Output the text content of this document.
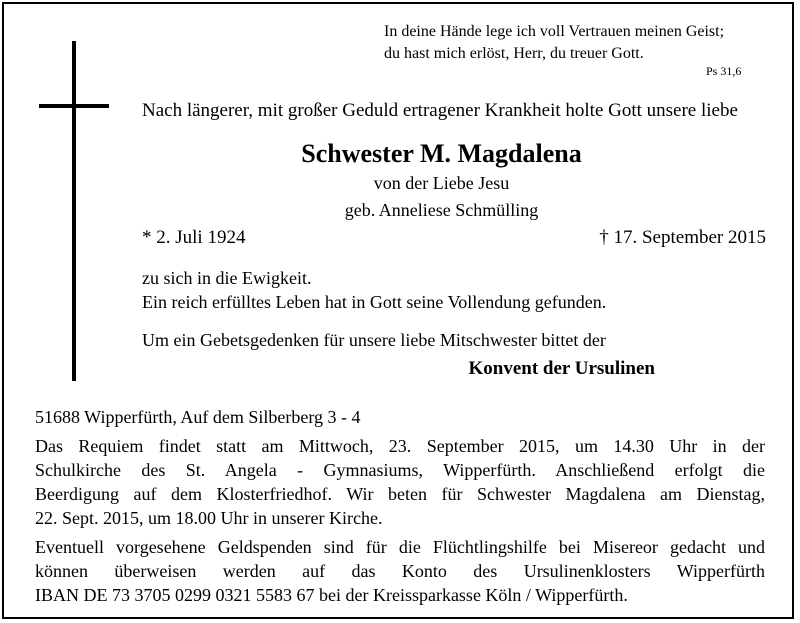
In deine Hände lege ich voll Vertrauen meinen Geist;
du hast mich erlöst, Herr, du treuer Gott.
Ps 31,6

Nach längerer, mit großer Geduld ertragener Krankheit holte Gott unsere liebe

Schwester M. Magdalena

von der Liebe Jesu

geb. Anneliese Schmülling

* 2. Juli 1924	† 17. September 2015

zu sich in die Ewigkeit.
Ein reich erfülltes Leben hat in Gott seine Vollendung gefunden.

Um ein Gebetsgedenken für unsere liebe Mitschwester bittet der

Konvent der Ursulinen

51688 Wipperfürth, Auf dem Silberberg 3 - 4

Das Requiem findet statt am Mittwoch, 23. September 2015, um 14.30 Uhr in der
Schulkirche des St. Angela - Gymnasiums, Wipperfürth. Anschließend erfolgt die
Beerdigung auf dem Klosterfriedhof. Wir beten für Schwester Magdalena am Dienstag,
22. Sept. 2015, um 18.00 Uhr in unserer Kirche.
Eventuell vorgesehene Geldspenden sind für die Flüchtlingshilfe bei Misereor gedacht und
können überweisen werden auf das Konto des Ursulinenklosters Wipperfürth
IBAN DE 73 3705 0299 0321 5583 67 bei der Kreissparkasse Köln / Wipperfürth.
